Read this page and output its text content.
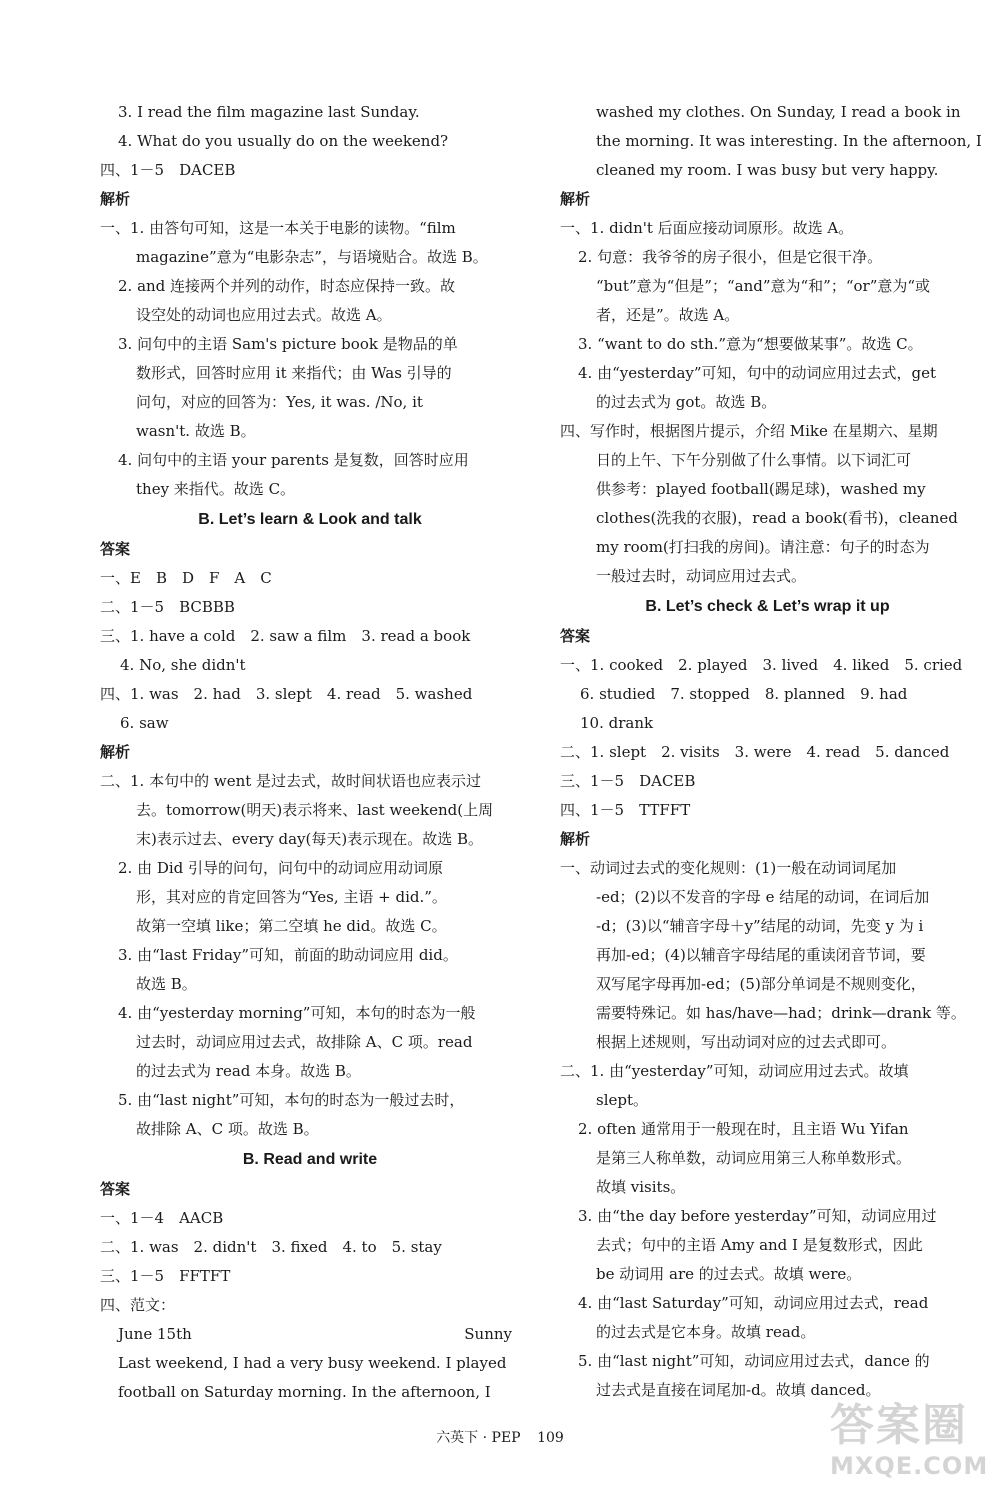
3. I read the film magazine last Sunday.
4. What do you usually do on the weekend?
四、1－5　DACEB
解析
一、1. 由答句可知，这是一本关于电影的读物。“film
magazine”意为“电影杂志”，与语境贴合。故选 B。
2. and 连接两个并列的动作，时态应保持一致。故
设空处的动词也应用过去式。故选 A。
3. 问句中的主语 Sam's picture book 是物品的单
数形式，回答时应用 it 来指代；由 Was 引导的
问句，对应的回答为：Yes, it was. /No, it
wasn't. 故选 B。
4. 问句中的主语 your parents 是复数，回答时应用
they 来指代。故选 C。
B. Let’s learn & Look and talk
答案
一、E　B　D　F　A　C
二、1－5　BCBBB
三、1. have a cold　2. saw a film　3. read a book
4. No, she didn't
四、1. was　2. had　3. slept　4. read　5. washed
6. saw
解析
二、1. 本句中的 went 是过去式，故时间状语也应表示过
去。tomorrow(明天)表示将来、last weekend(上周
末)表示过去、every day(每天)表示现在。故选 B。
2. 由 Did 引导的问句，问句中的动词应用动词原
形，其对应的肯定回答为“Yes, 主语 + did.”。
故第一空填 like；第二空填 he did。故选 C。
3. 由“last Friday”可知，前面的助动词应用 did。
故选 B。
4. 由“yesterday morning”可知，本句的时态为一般
过去时，动词应用过去式，故排除 A、C 项。read
的过去式为 read 本身。故选 B。
5. 由“last night”可知，本句的时态为一般过去时，
故排除 A、C 项。故选 B。
B. Read and write
答案
一、1－4　AACB
二、1. was　2. didn't　3. fixed　4. to　5. stay
三、1－5　FFTFT
四、范文：
June 15th	Sunny
Last weekend, I had a very busy weekend. I played
football on Saturday morning. In the afternoon, I
washed my clothes. On Sunday, I read a book in
the morning. It was interesting. In the afternoon, I
cleaned my room. I was busy but very happy.
解析
一、1. didn't 后面应接动词原形。故选 A。
2. 句意：我爷爷的房子很小，但是它很干净。
“but”意为“但是”；“and”意为“和”；“or”意为“或
者，还是”。故选 A。
3. “want to do sth.”意为“想要做某事”。故选 C。
4. 由“yesterday”可知，句中的动词应用过去式，get
的过去式为 got。故选 B。
四、写作时，根据图片提示，介绍 Mike 在星期六、星期
日的上午、下午分别做了什么事情。以下词汇可
供参考：played football(踢足球)，washed my
clothes(洗我的衣服)，read a book(看书)，cleaned
my room(打扫我的房间)。请注意：句子的时态为
一般过去时，动词应用过去式。
B. Let’s check & Let’s wrap it up
答案
一、1. cooked　2. played　3. lived　4. liked　5. cried
6. studied　7. stopped　8. planned　9. had
10. drank
二、1. slept　2. visits　3. were　4. read　5. danced
三、1－5　DACEB
四、1－5　TTFFT
解析
一、动词过去式的变化规则：(1)一般在动词词尾加
-ed；(2)以不发音的字母 e 结尾的动词，在词后加
-d；(3)以“辅音字母＋y”结尾的动词，先变 y 为 i
再加-ed；(4)以辅音字母结尾的重读闭音节词，要
双写尾字母再加-ed；(5)部分单词是不规则变化，
需要特殊记。如 has/have—had；drink—drank 等。
根据上述规则，写出动词对应的过去式即可。
二、1. 由“yesterday”可知，动词应用过去式。故填
slept。
2. often 通常用于一般现在时，且主语 Wu Yifan
是第三人称单数，动词应用第三人称单数形式。
故填 visits。
3. 由“the day before yesterday”可知，动词应用过
去式；句中的主语 Amy and I 是复数形式，因此
be 动词用 are 的过去式。故填 were。
4. 由“last Saturday”可知，动词应用过去式，read
的过去式是它本身。故填 read。
5. 由“last night”可知，动词应用过去式，dance 的
过去式是直接在词尾加-d。故填 danced。
六英下 · PEP 109	答案圈
MXQE.COM
